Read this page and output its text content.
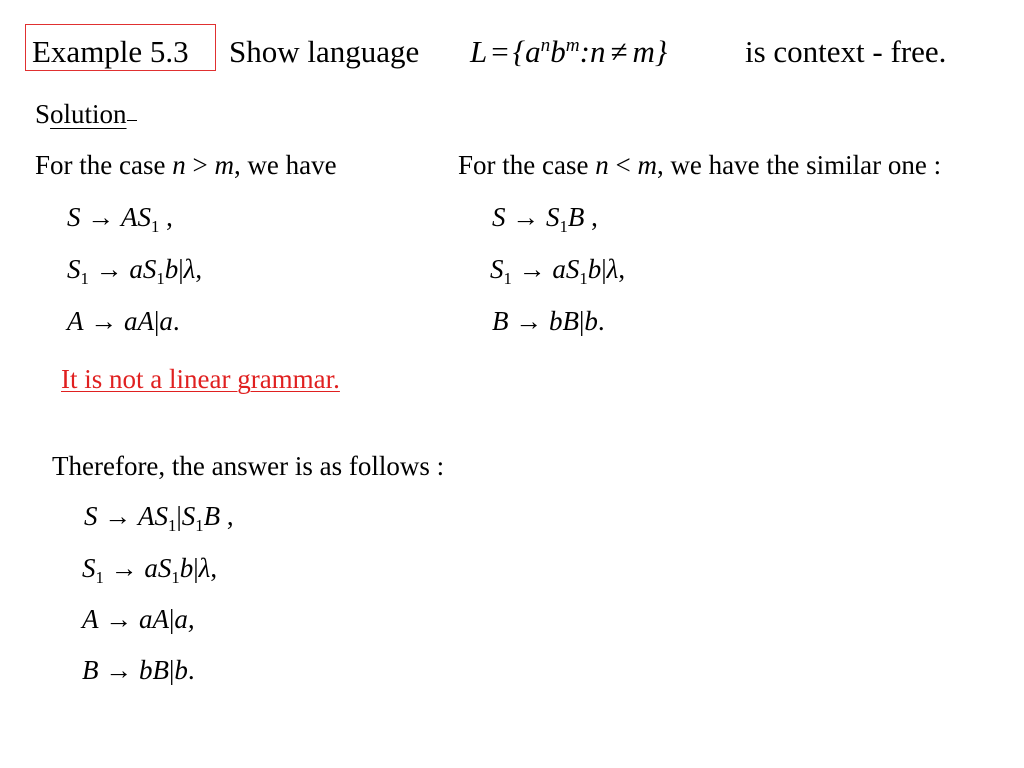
Example 5.3 Show language $L = \{a^nb^m:n \ne m\}$	is context - free.
Solution
For the case n > m, we have	For the case n < m, we have the similar one :
$S \to AS_1$ ,
$S_1 \to aS_1b|\lambda$,
A → aA|a.
$S \to S_1B$ ,
$S_1 \to aS_1b|\lambda$,
B → bB|b.
It is not a linear grammar.
Therefore, the answer is as follows :
$S \to AS_1|S_1B$ ,
$S_1 \to aS_1b|\lambda$,
A → aA|a,
B → bB|b.
